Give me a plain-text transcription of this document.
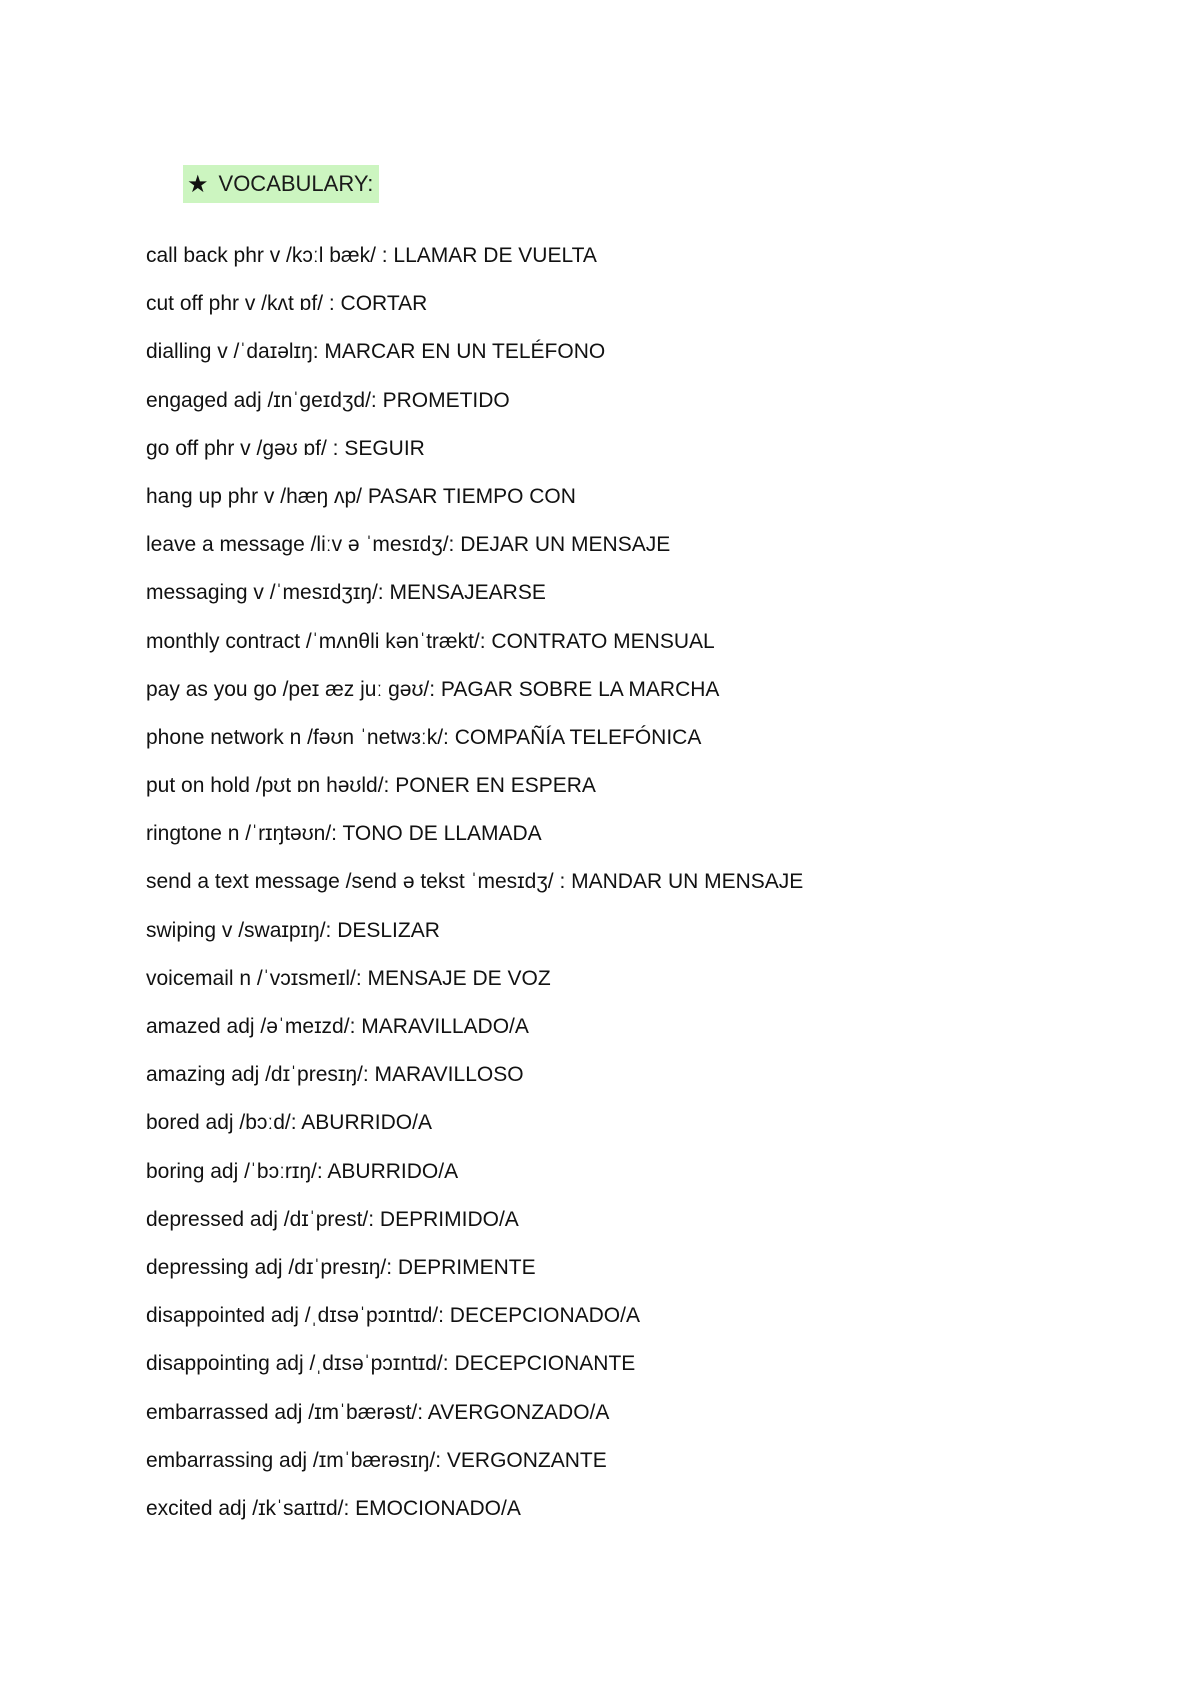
★ VOCABULARY:
call back phr v /kɔːl bæk/ : LLAMAR DE VUELTA
cut off phr v /kʌt ɒf/ : CORTAR
dialling v /ˈdaɪəlɪŋ: MARCAR EN UN TELÉFONO
engaged adj /ɪnˈɡeɪdʒd/: PROMETIDO
go off phr v /ɡəʊ ɒf/ : SEGUIR
hang up phr v /hæŋ ʌp/ PASAR TIEMPO CON
leave a message /liːv ə ˈmesɪdʒ/: DEJAR UN MENSAJE
messaging v /ˈmesɪdʒɪŋ/: MENSAJEARSE
monthly contract /ˈmʌnθli kənˈtrækt/: CONTRATO MENSUAL
pay as you go /peɪ æz juː ɡəʊ/: PAGAR SOBRE LA MARCHA
phone network n /fəʊn ˈnetwɜːk/: COMPAÑÍA TELEFÓNICA
put on hold /pʊt ɒn həʊld/: PONER EN ESPERA
ringtone n /ˈrɪŋtəʊn/: TONO DE LLAMADA
send a text message /send ə tekst ˈmesɪdʒ/ : MANDAR UN MENSAJE
swiping v /swaɪpɪŋ/: DESLIZAR
voicemail n /ˈvɔɪsmeɪl/: MENSAJE DE VOZ
amazed adj /əˈmeɪzd/: MARAVILLADO/A
amazing adj /dɪˈpresɪŋ/: MARAVILLOSO
bored adj /bɔːd/: ABURRIDO/A
boring adj /ˈbɔːrɪŋ/: ABURRIDO/A
depressed adj /dɪˈprest/: DEPRIMIDO/A
depressing adj /dɪˈpresɪŋ/: DEPRIMENTE
disappointed adj /ˌdɪsəˈpɔɪntɪd/: DECEPCIONADO/A
disappointing adj /ˌdɪsəˈpɔɪntɪd/: DECEPCIONANTE
embarrassed adj /ɪmˈbærəst/: AVERGONZADO/A
embarrassing adj /ɪmˈbærəsɪŋ/: VERGONZANTE
excited adj /ɪkˈsaɪtɪd/: EMOCIONADO/A
